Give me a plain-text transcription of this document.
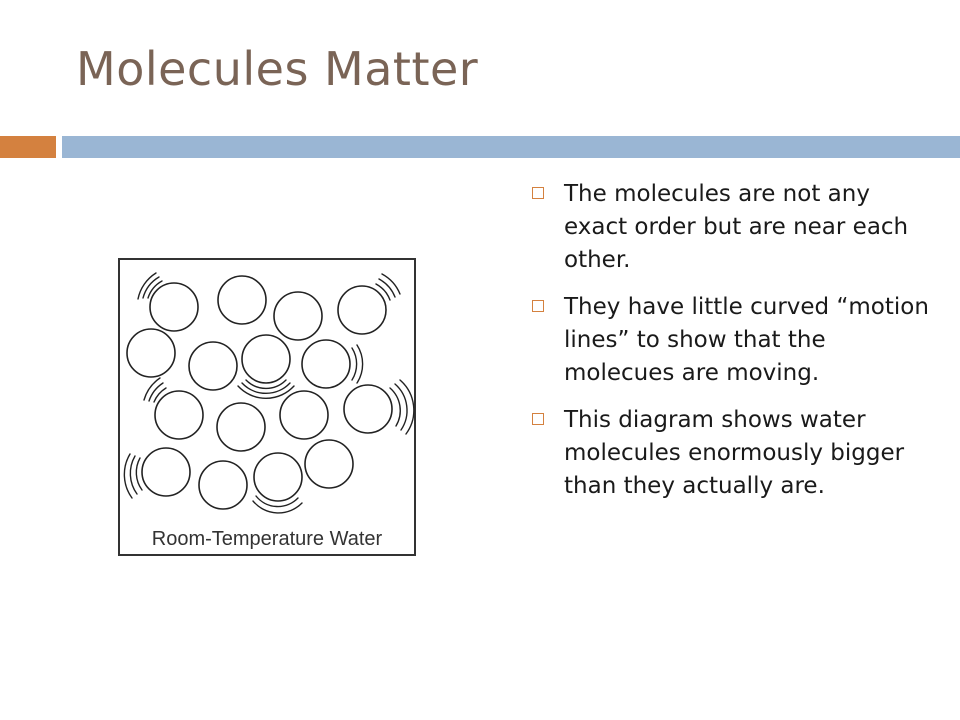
Molecules Matter
Room-Temperature Water
The molecules are not any exact order but are near each other.
They have little curved “motion lines” to show that the molecues are moving.
This diagram shows water molecules enormously bigger than they actually are.
